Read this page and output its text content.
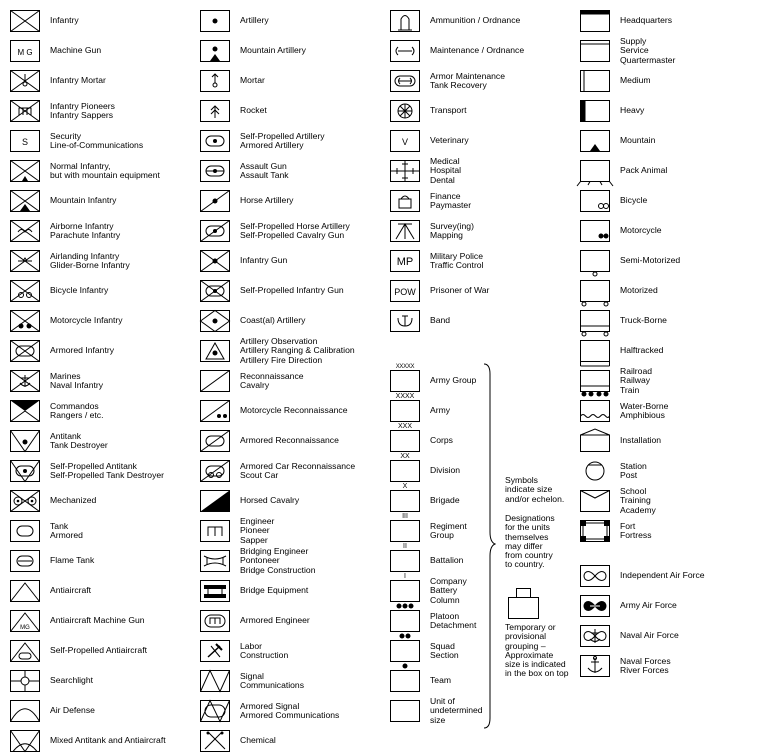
Infantry
M G Machine Gun
Infantry Mortar
Infantry Pioneers
Infantry Sappers
S
Security
Line-of-Communications
Normal Infantry,
but with mountain equipment
Mountain Infantry
Airborne Infantry
Parachute Infantry
Airlanding Infantry
Glider-Borne Infantry
Bicycle Infantry
Motorcycle Infantry
Armored Infantry
Marines
Naval Infantry
Commandos
Rangers / etc.
Antitank
Tank Destroyer
Self-Propelled Antitank
Self-Propelled Tank Destroyer
Mechanized
Tank
Armored
Flame Tank
Antiaircraft
MG
Antiaircraft Machine Gun
Self-Propelled Antiaircraft
Searchlight
Air Defense
Mixed Antitank and Antiaircraft
Artillery
Mountain Artillery
Mortar
Rocket
Self-Propelled Artillery
Armored Artillery
Assault Gun
Assault Tank
Horse Artillery
Self-Propelled Horse Artillery
Self-Propelled Cavalry Gun
Infantry Gun
Self-Propelled Infantry Gun
Coast(al) Artillery
Artillery Observation
Artillery Ranging & Calibration
Artillery Fire Direction
Reconnaissance
Cavalry
Motorcycle Reconnaissance
Armored Reconnaissance
Armored Car Reconnaissance
Scout Car
Horsed Cavalry
Engineer
Pioneer
Sapper
Bridging Engineer
Pontoneer
Bridge Construction
Bridge Equipment
Armored Engineer
Labor
Construction
Signal
Communications
Armored Signal
Armored Communications
Chemical
Ammunition / Ordnance
Maintenance / Ordnance
Armor Maintenance
Tank Recovery
Transport
V	Veterinary
Medical
Hospital
Dental
Finance
Paymaster
Survey(ing)
Mapping
MP
Military Police
Traffic Control
POW Prisoner of War
Band
XXXXX
Army Group
XXXX
Army
XXX
Corps
XX
Division
X
Brigade
III
Regiment
Group
II
Battalion
I	Company
Battery
Column
Platoon
Detachment
Squad
Section
Team
Unit of
undetermined
size
Headquarters
Supply
Service
Quartermaster
Medium
Heavy
Mountain
Pack Animal
Bicycle
Motorcycle
Semi-Motorized
Motorized
Truck-Borne
Halftracked
Railroad
Railway
Train
Water-Borne
Amphibious
Installation
Station
Post
School
Training
Academy
Fort
Fortress
Independent Air Force
Army Air Force
Naval Air Force
Naval Forces
River Forces
Symbols
indicate size
and/or echelon.
Designations
for the units
themselves
may differ
from country
to country.
Temporary or
provisional
grouping –
Approximate
size is indicated
in the box on top
